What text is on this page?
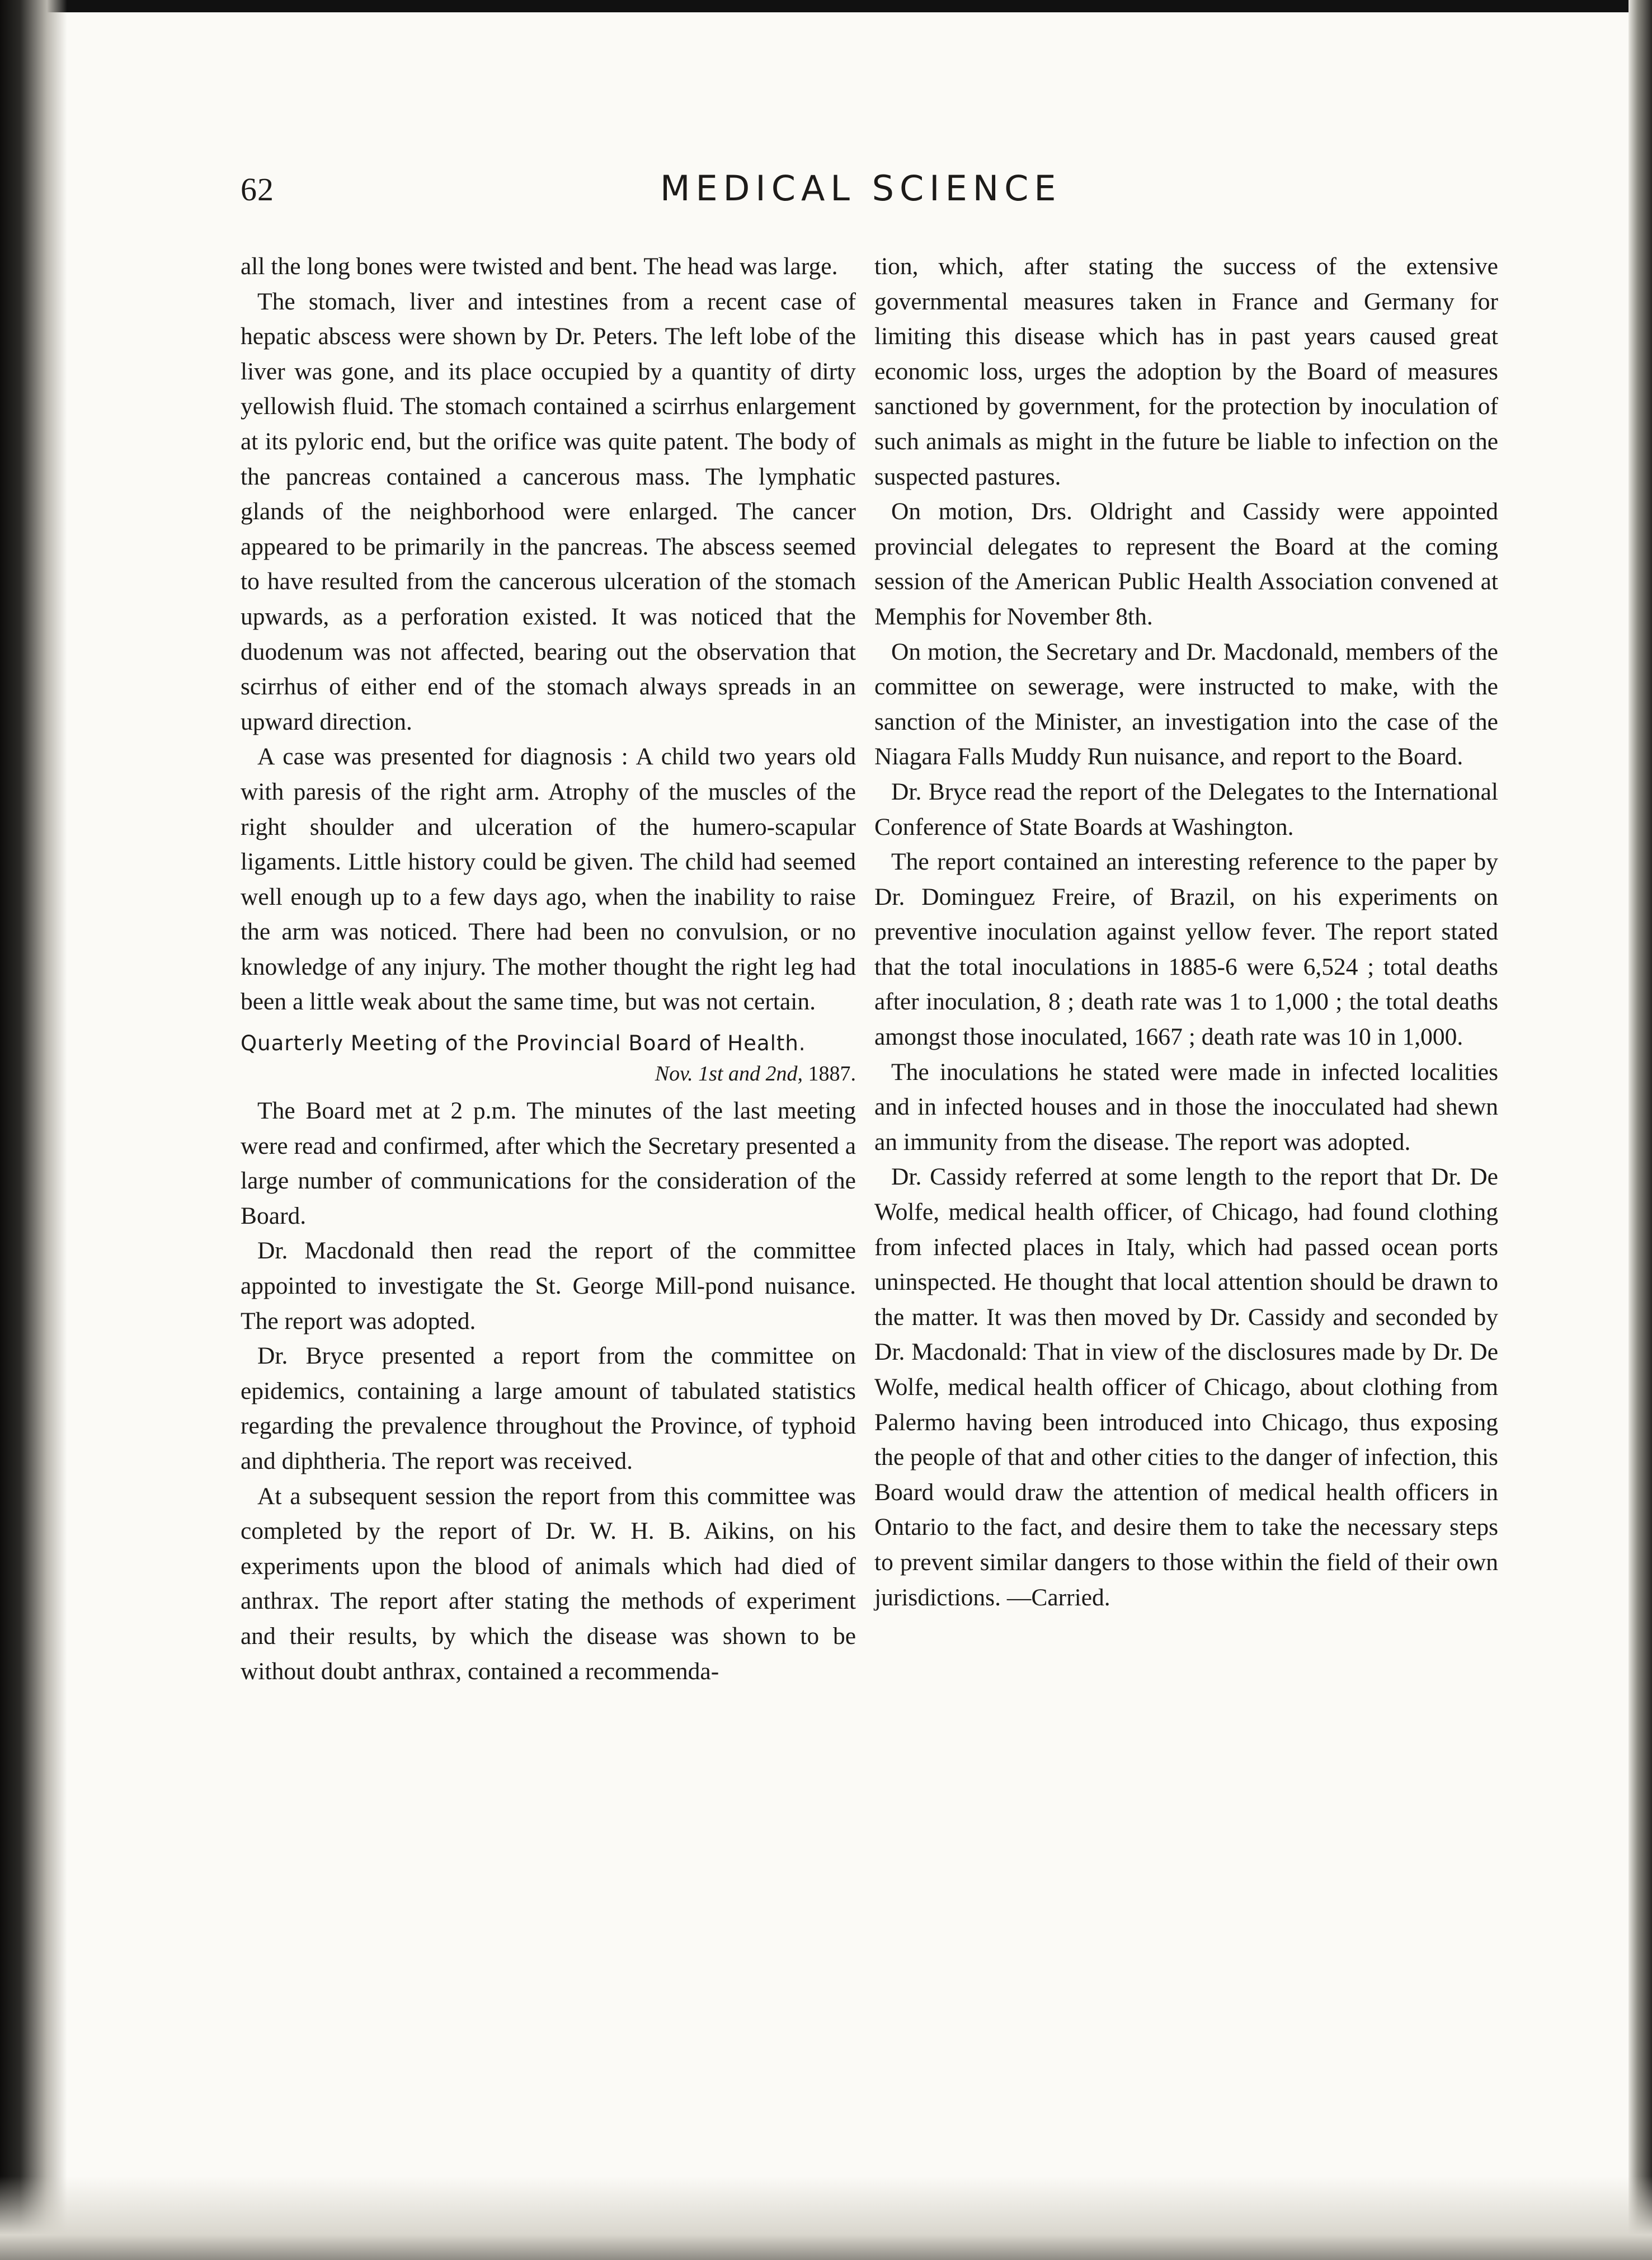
62	MEDICAL SCIENCE

all the long bones were twisted and bent. The head was large.

The stomach, liver and intestines from a recent case of hepatic abscess were shown by Dr. Peters. The left lobe of the liver was gone, and its place occupied by a quantity of dirty yellowish fluid. The stomach contained a scirrhus enlargement at its pyloric end, but the orifice was quite patent. The body of the pancreas contained a cancerous mass. The lymphatic glands of the neighborhood were enlarged. The cancer appeared to be primarily in the pancreas. The abscess seemed to have resulted from the cancerous ulceration of the stomach upwards, as a perforation existed. It was noticed that the duodenum was not affected, bearing out the observation that scirrhus of either end of the stomach always spreads in an upward direction.

A case was presented for diagnosis : A child two years old with paresis of the right arm. Atrophy of the muscles of the right shoulder and ulceration of the humero-scapular ligaments. Little history could be given. The child had seemed well enough up to a few days ago, when the inability to raise the arm was noticed. There had been no convulsion, or no knowledge of any injury. The mother thought the right leg had been a little weak about the same time, but was not certain.

Quarterly Meeting of the Provincial Board of Health.
Nov. 1st and 2nd, 1887.

The Board met at 2 p.m. The minutes of the last meeting were read and confirmed, after which the Secretary presented a large number of communications for the consideration of the Board.

Dr. Macdonald then read the report of the committee appointed to investigate the St. George Mill-pond nuisance. The report was adopted.

Dr. Bryce presented a report from the committee on epidemics, containing a large amount of tabulated statistics regarding the prevalence throughout the Province, of typhoid and diphtheria. The report was received.

At a subsequent session the report from this committee was completed by the report of Dr. W. H. B. Aikins, on his experiments upon the blood of animals which had died of anthrax. The report after stating the methods of experiment and their results, by which the disease was shown to be without doubt anthrax, contained a recommenda-

tion, which, after stating the success of the extensive governmental measures taken in France and Germany for limiting this disease which has in past years caused great economic loss, urges the adoption by the Board of measures sanctioned by government, for the protection by inoculation of such animals as might in the future be liable to infection on the suspected pastures.

On motion, Drs. Oldright and Cassidy were appointed provincial delegates to represent the Board at the coming session of the American Public Health Association convened at Memphis for November 8th.

On motion, the Secretary and Dr. Macdonald, members of the committee on sewerage, were instructed to make, with the sanction of the Minister, an investigation into the case of the Niagara Falls Muddy Run nuisance, and report to the Board.

Dr. Bryce read the report of the Delegates to the International Conference of State Boards at Washington.

The report contained an interesting reference to the paper by Dr. Dominguez Freire, of Brazil, on his experiments on preventive inoculation against yellow fever. The report stated that the total inoculations in 1885-6 were 6,524 ; total deaths after inoculation, 8 ; death rate was 1 to 1,000 ; the total deaths amongst those inoculated, 1667 ; death rate was 10 in 1,000.

The inoculations he stated were made in infected localities and in infected houses and in those the inocculated had shewn an immunity from the disease. The report was adopted.

Dr. Cassidy referred at some length to the report that Dr. De Wolfe, medical health officer, of Chicago, had found clothing from infected places in Italy, which had passed ocean ports uninspected. He thought that local attention should be drawn to the matter. It was then moved by Dr. Cassidy and seconded by Dr. Macdonald: That in view of the disclosures made by Dr. De Wolfe, medical health officer of Chicago, about clothing from Palermo having been introduced into Chicago, thus exposing the people of that and other cities to the danger of infection, this Board would draw the attention of medical health officers in Ontario to the fact, and desire them to take the necessary steps to prevent similar dangers to those within the field of their own jurisdictions. —Carried.
